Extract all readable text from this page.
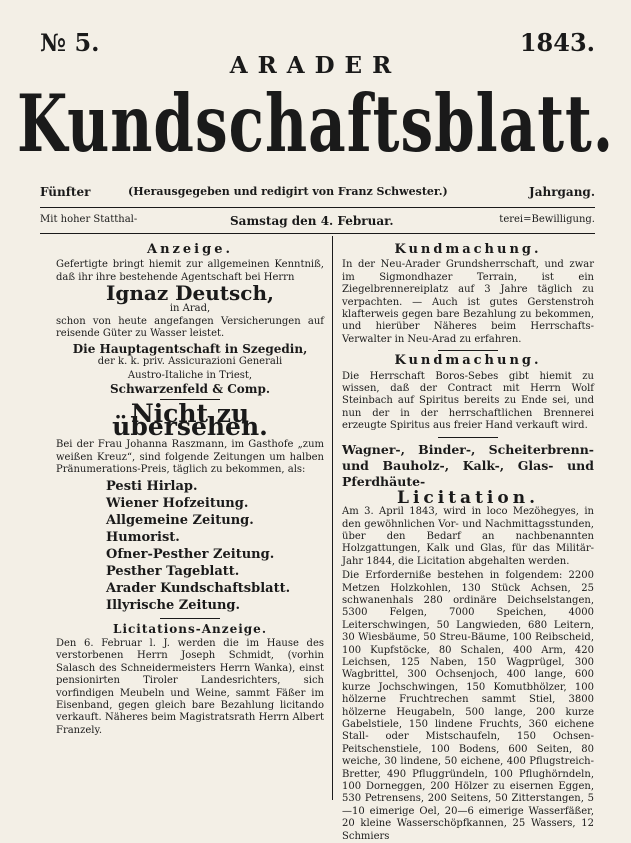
№ 5.	1843.
ARADER
Kundschaftsblatt.
Fünfter	(Herausgegeben und redigirt von Franz Schwester.)	Jahrgang.
Mit hoher Statthal-	Samstag den 4. Februar.	terei=Bewilligung.
Anzeige.
Gefertigte bringt hiemit zur allgemeinen Kenntniß, daß ihr ihre bestehende Agentschaft bei Herrn
Ignaz Deutsch,
in Arad,
schon von heute angefangen Versicherungen auf reisende Güter zu Wasser leistet.
Die Hauptagentschaft in Szegedin,
der k. k. priv. Assicurazioni Generali
Austro-Italiche in Triest,
Schwarzenfeld & Comp.
Nicht zu übersehen.
Bei der Frau Johanna Raszmann, im Gasthofe „zum weißen Kreuz“, sind folgende Zeitungen um halben Pränumerations-Preis, täglich zu bekommen, als:
Pesti Hirlap.
Wiener Hofzeitung.
Allgemeine Zeitung.
Humorist.
Ofner-Pesther Zeitung.
Pesther Tageblatt.
Arader Kundschaftsblatt.
Illyrische Zeitung.
Licitations-Anzeige.
Den 6. Februar l. J. werden die im Hause des verstorbenen Herrn Joseph Schmidt, (vorhin Salasch des Schneidermeisters Herrn Wanka), einst pensionirten Tiroler Landesrichters, sich vorfindigen Meubeln und Weine, sammt Fäßer im Eisenband, gegen gleich bare Bezahlung licitando verkauft. Näheres beim Magistratsrath Herrn Albert Franzely.
Kundmachung.
In der Neu-Arader Grundsherrschaft, und zwar im Sigmondhazer Terrain, ist ein Ziegelbrennereiplatz auf 3 Jahre täglich zu verpachten. — Auch ist gutes Gerstenstroh klafterweis gegen bare Bezahlung zu bekommen, und hierüber Näheres beim Herrschafts-Verwalter in Neu-Arad zu erfahren.
Kundmachung.
Die Herrschaft Boros-Sebes gibt hiemit zu wissen, daß der Contract mit Herrn Wolf Steinbach auf Spiritus bereits zu Ende sei, und nun der in der herrschaftlichen Brennerei erzeugte Spiritus aus freier Hand verkauft wird.
Wagner-, Binder-, Scheiterbrenn- und Bauholz-, Kalk-, Glas- und Pferdhäute-
Licitation.
Am 3. April 1843, wird in loco Mezöhegyes, in den gewöhnlichen Vor- und Nachmittagsstunden, über den Bedarf an nachbenannten Holzgattungen, Kalk und Glas, für das Militär-Jahr 1844, die Licitation abgehalten werden.
Die Erforderniße bestehen in folgendem: 2200 Metzen Holzkohlen, 130 Stück Achsen, 25 schwanenhals 280 ordinäre Deichselstangen, 5300 Felgen, 7000 Speichen, 4000 Leiterschwingen, 50 Langwieden, 680 Leitern, 30 Wiesbäume, 50 Streu-Bäume, 100 Reibscheid, 100 Kupfstöcke, 80 Schalen, 400 Arm, 420 Leichsen, 125 Naben, 150 Wagprügel, 300 Wagbrittel, 300 Ochsenjoch, 400 lange, 600 kurze Jochschwingen, 150 Komutbhölzer, 100 hölzerne Fruchtrechen sammt Stiel, 3800 hölzerne Heugabeln, 500 lange, 200 kurze Gabelstiele, 150 lindene Fruchts, 360 eichene Stall- oder Mistschaufeln, 150 Ochsen-Peitschenstiele, 100 Bodens, 600 Seiten, 80 weiche, 30 lindene, 50 eichene, 400 Pflugstreich-Bretter, 490 Pfluggründeln, 100 Pflughörndeln, 100 Dorneggen, 200 Hölzer zu eisernen Eggen, 530 Petrensens, 200 Seitens, 50 Zitterstangen, 5—10 eimerige Oel, 20—6 eimerige Wasserfäßer, 20 kleine Wasserschöpfkannen, 25 Wassers, 12 Schmiers
